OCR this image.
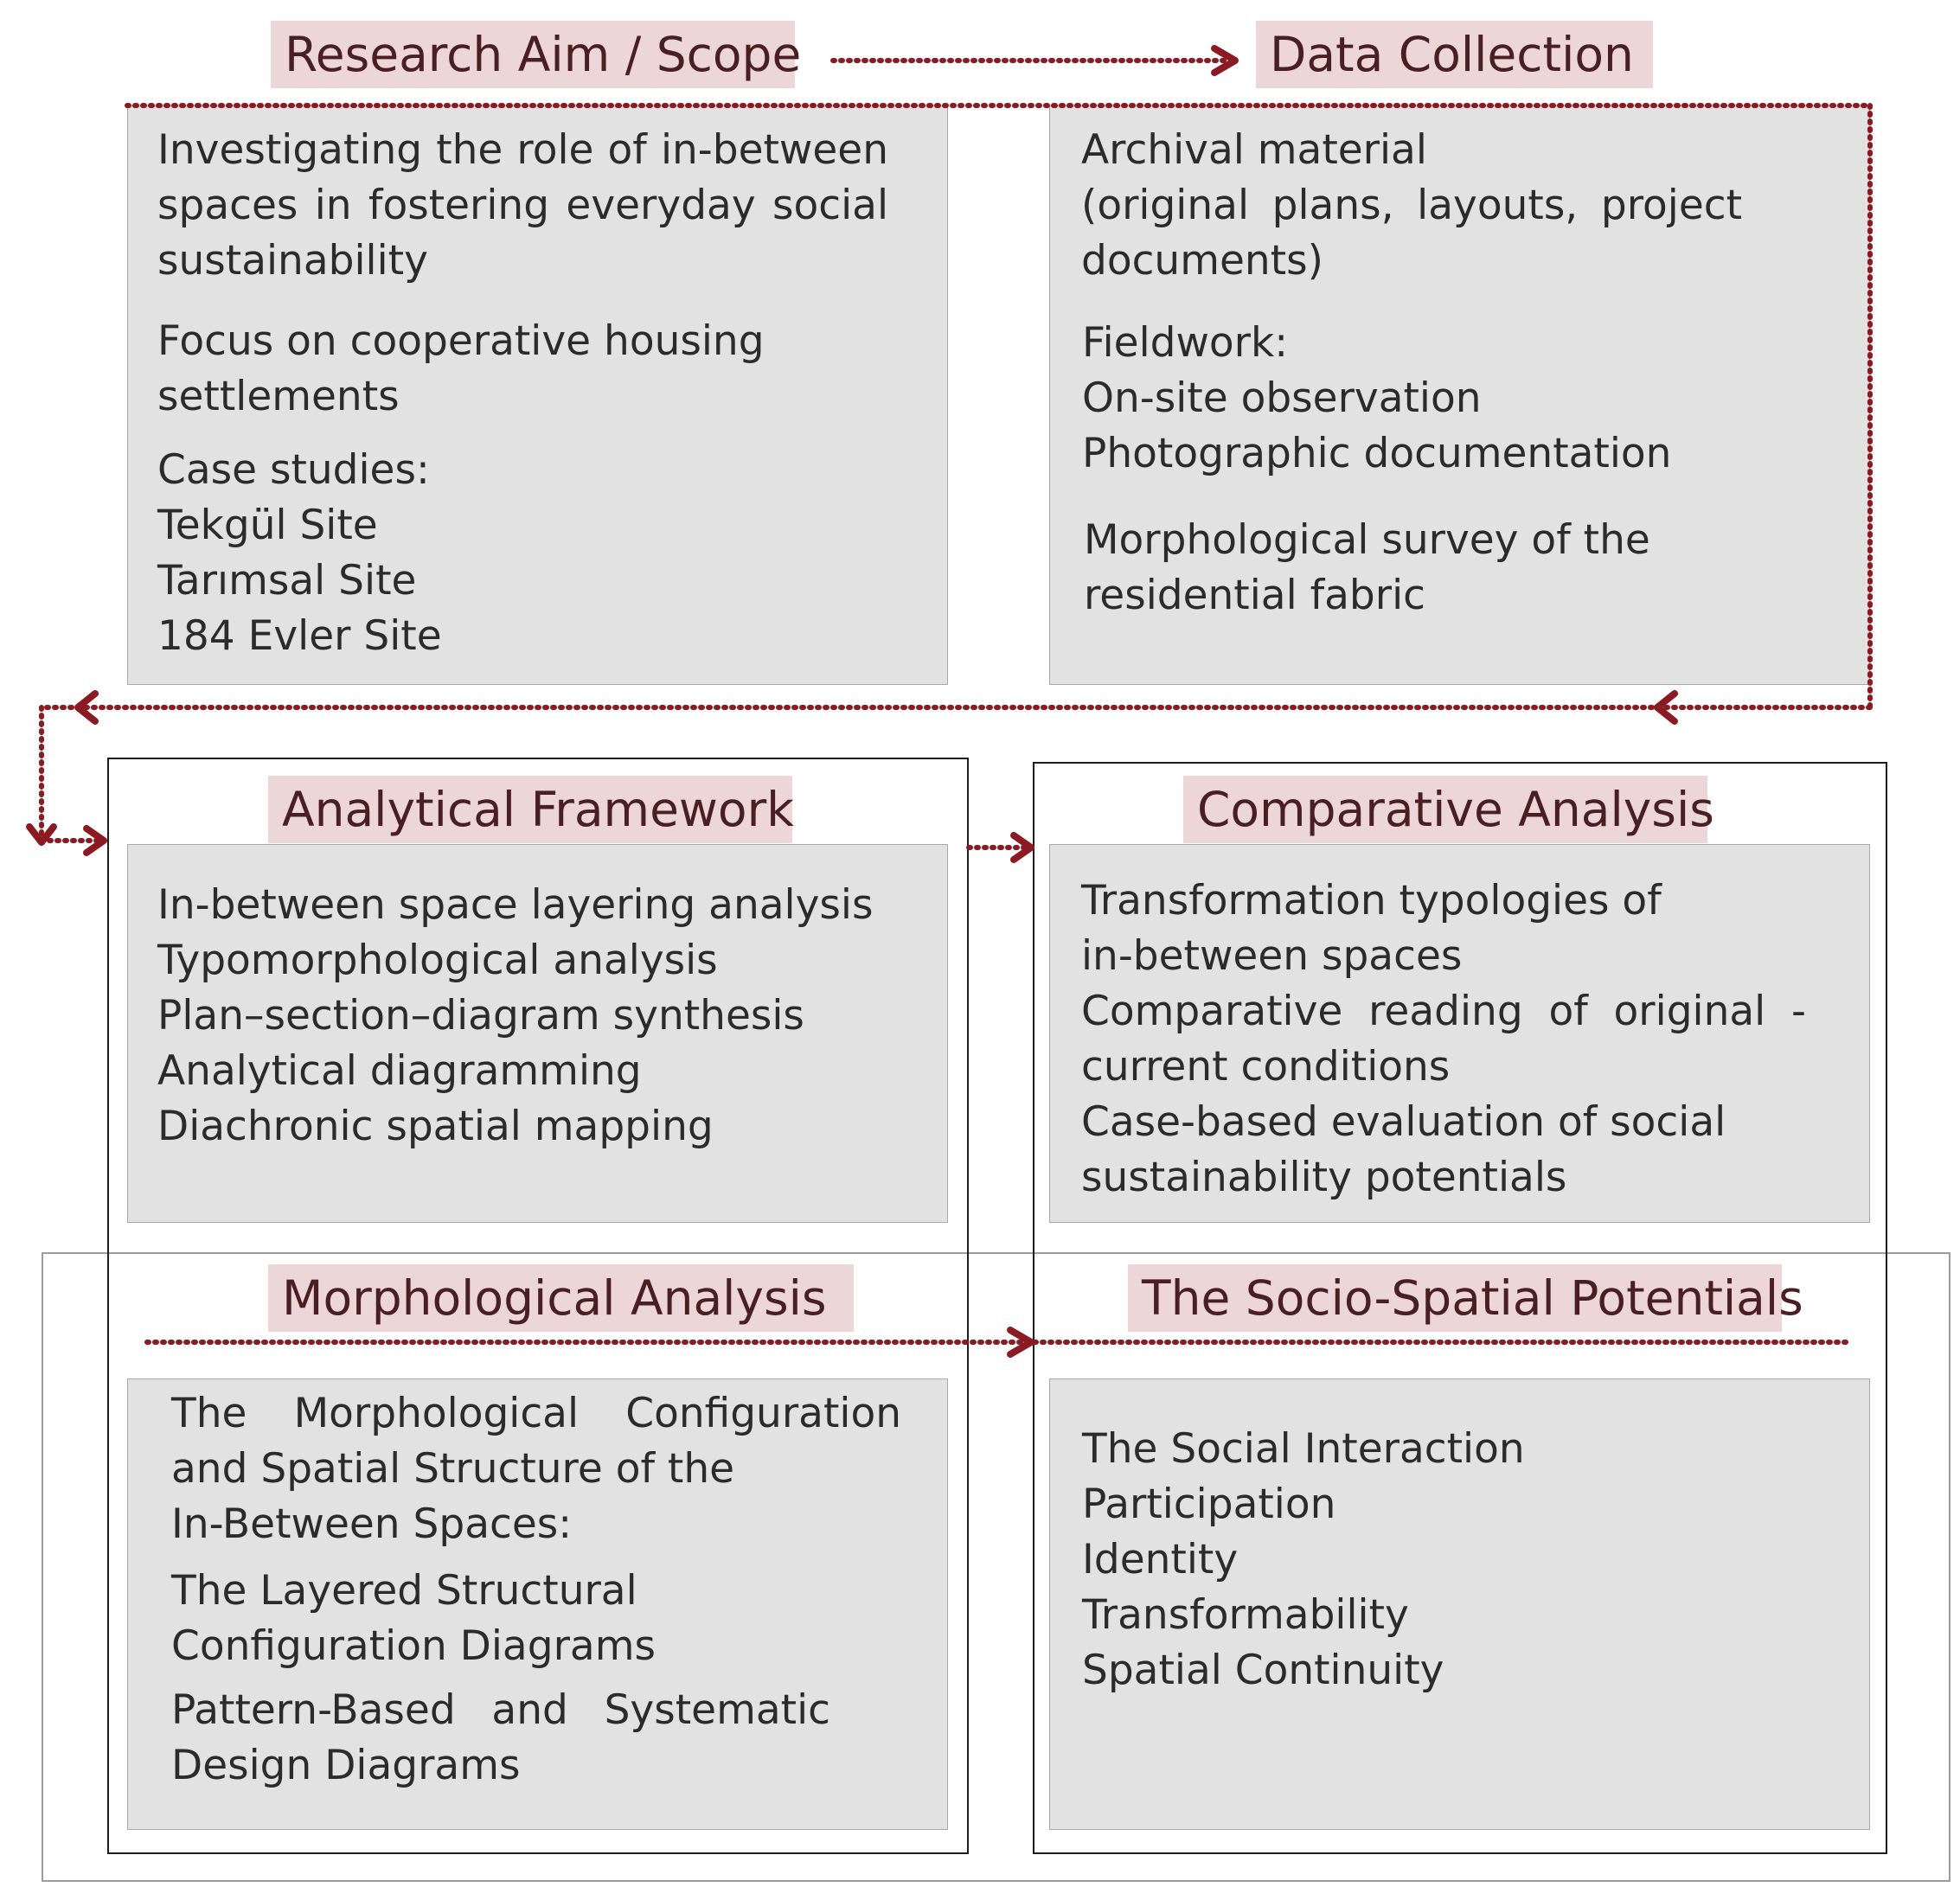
Research Aim / Scope	Data Collection
Analytical Framework	Comparative Analysis
Morphological Analysis	The Socio-Spatial Potentials
Investigating the role of in-between
spaces in fostering everyday social
sustainability
Focus on cooperative housing
settlements
Case studies:
Tekgül Site
Tarımsal Site
184 Evler Site
Archival material
(original plans, layouts, project
documents)
Fieldwork:
On-site observation
Photographic documentation
Morphological survey of the
residential fabric
In-between space layering analysis
Typomorphological analysis
Plan–section–diagram synthesis
Analytical diagramming
Diachronic spatial mapping
Transformation typologies of
in-between spaces
Comparative reading of original -
current conditions
Case-based evaluation of social
sustainability potentials
The Morphological Configuration
and Spatial Structure of the
In-Between Spaces:
The Layered Structural
Configuration Diagrams
Pattern-Based and Systematic
Design Diagrams
The Social Interaction
Participation
Identity
Transformability
Spatial Continuity
